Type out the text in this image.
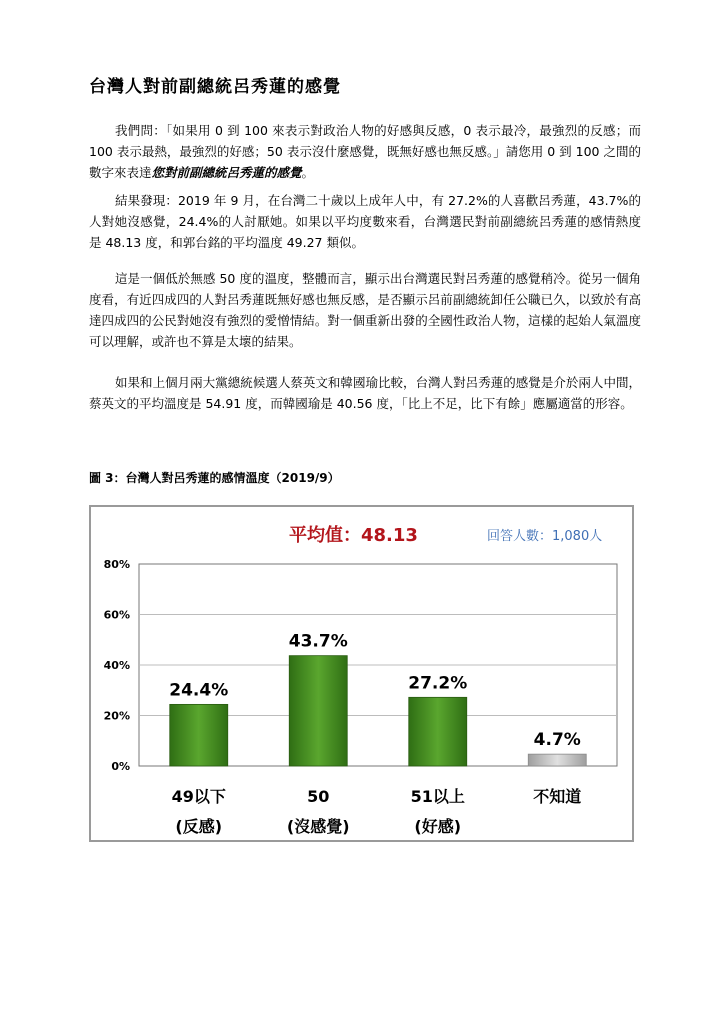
台灣人對前副總統呂秀蓮的感覺

我們問：「如果用 0 到 100 來表示對政治人物的好感與反感，0 表示最冷，最強烈的反感；而 100 表示最熱，最強烈的好感；50 表示沒什麼感覺，既無好感也無反感。」請您用 0 到 100 之間的數字來表達您對前副總統呂秀蓮的感覺。

結果發現：2019 年 9 月，在台灣二十歲以上成年人中，有 27.2%的人喜歡呂秀蓮，43.7%的人對她沒感覺，24.4%的人討厭她。如果以平均度數來看，台灣選民對前副總統呂秀蓮的感情熱度是 48.13 度，和郭台銘的平均溫度 49.27 類似。

這是一個低於無感 50 度的溫度，整體而言，顯示出台灣選民對呂秀蓮的感覺稍冷。從另一個角度看，有近四成四的人對呂秀蓮既無好感也無反感，是否顯示呂前副總統卸任公職已久，以致於有高達四成四的公民對她沒有強烈的愛憎情結。對一個重新出發的全國性政治人物，這樣的起始人氣溫度可以理解，或許也不算是太壞的結果。

如果和上個月兩大黨總統候選人蔡英文和韓國瑜比較，台灣人對呂秀蓮的感覺是介於兩人中間，蔡英文的平均溫度是 54.91 度，而韓國瑜是 40.56 度，「比上不足，比下有餘」應屬適當的形容。

圖 3：台灣人對呂秀蓮的感情溫度（2019/9）

平均值：48.13	回答人數：1,080人
0%
20%
40%
60%
80%
24.4%
49以下
(反感)
43.7%
50
(沒感覺)
27.2%
51以上
(好感)
4.7%
不知道
